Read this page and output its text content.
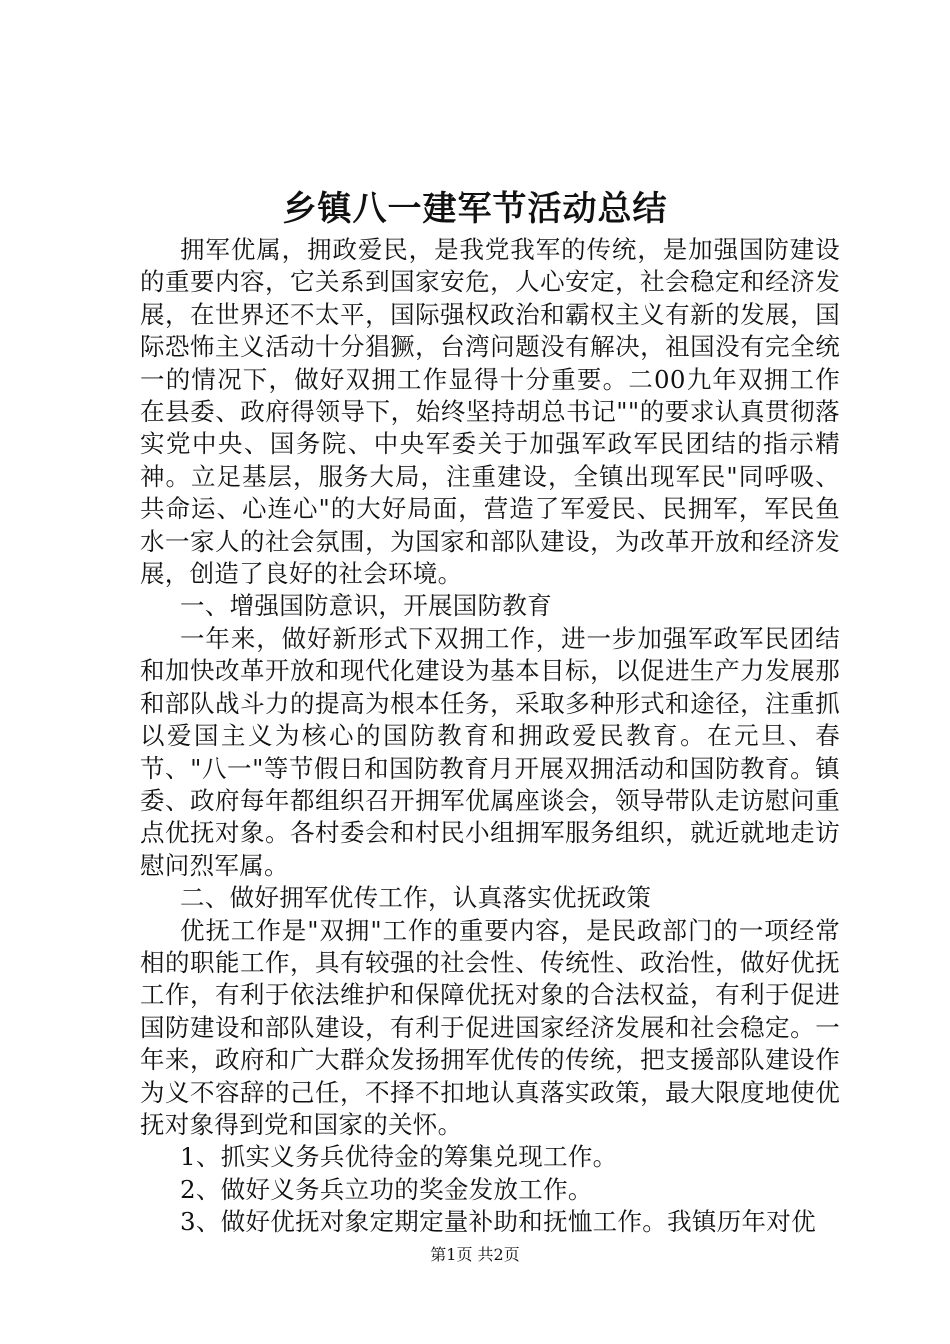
乡镇八一建军节活动总结

拥军优属，拥政爱民，是我党我军的传统，是加强国防建设的重要内容，它关系到国家安危，人心安定，社会稳定和经济发展，在世界还不太平，国际强权政治和霸权主义有新的发展，国际恐怖主义活动十分猖獗，台湾问题没有解决，祖国没有完全统一的情况下，做好双拥工作显得十分重要。二00九年双拥工作在县委、政府得领导下，始终坚持胡总书记""的要求认真贯彻落实党中央、国务院、中央军委关于加强军政军民团结的指示精神。立足基层，服务大局，注重建设，全镇出现军民"同呼吸、共命运、心连心"的大好局面，营造了军爱民、民拥军，军民鱼水一家人的社会氛围，为国家和部队建设，为改革开放和经济发展，创造了良好的社会环境。

一、增强国防意识，开展国防教育

一年来，做好新形式下双拥工作，进一步加强军政军民团结和加快改革开放和现代化建设为基本目标，以促进生产力发展那和部队战斗力的提高为根本任务，采取多种形式和途径，注重抓以爱国主义为核心的国防教育和拥政爱民教育。在元旦、春节、"八一"等节假日和国防教育月开展双拥活动和国防教育。镇委、政府每年都组织召开拥军优属座谈会，领导带队走访慰问重点优抚对象。各村委会和村民小组拥军服务组织，就近就地走访慰问烈军属。

二、做好拥军优传工作，认真落实优抚政策

优抚工作是"双拥"工作的重要内容，是民政部门的一项经常相的职能工作，具有较强的社会性、传统性、政治性，做好优抚工作，有利于依法维护和保障优抚对象的合法权益，有利于促进国防建设和部队建设，有利于促进国家经济发展和社会稳定。一年来，政府和广大群众发扬拥军优传的传统，把支援部队建设作为义不容辞的己任，不择不扣地认真落实政策，最大限度地使优抚对象得到党和国家的关怀。

1、抓实义务兵优待金的筹集兑现工作。

2、做好义务兵立功的奖金发放工作。

3、做好优抚对象定期定量补助和抚恤工作。我镇历年对优

第1页 共2页
